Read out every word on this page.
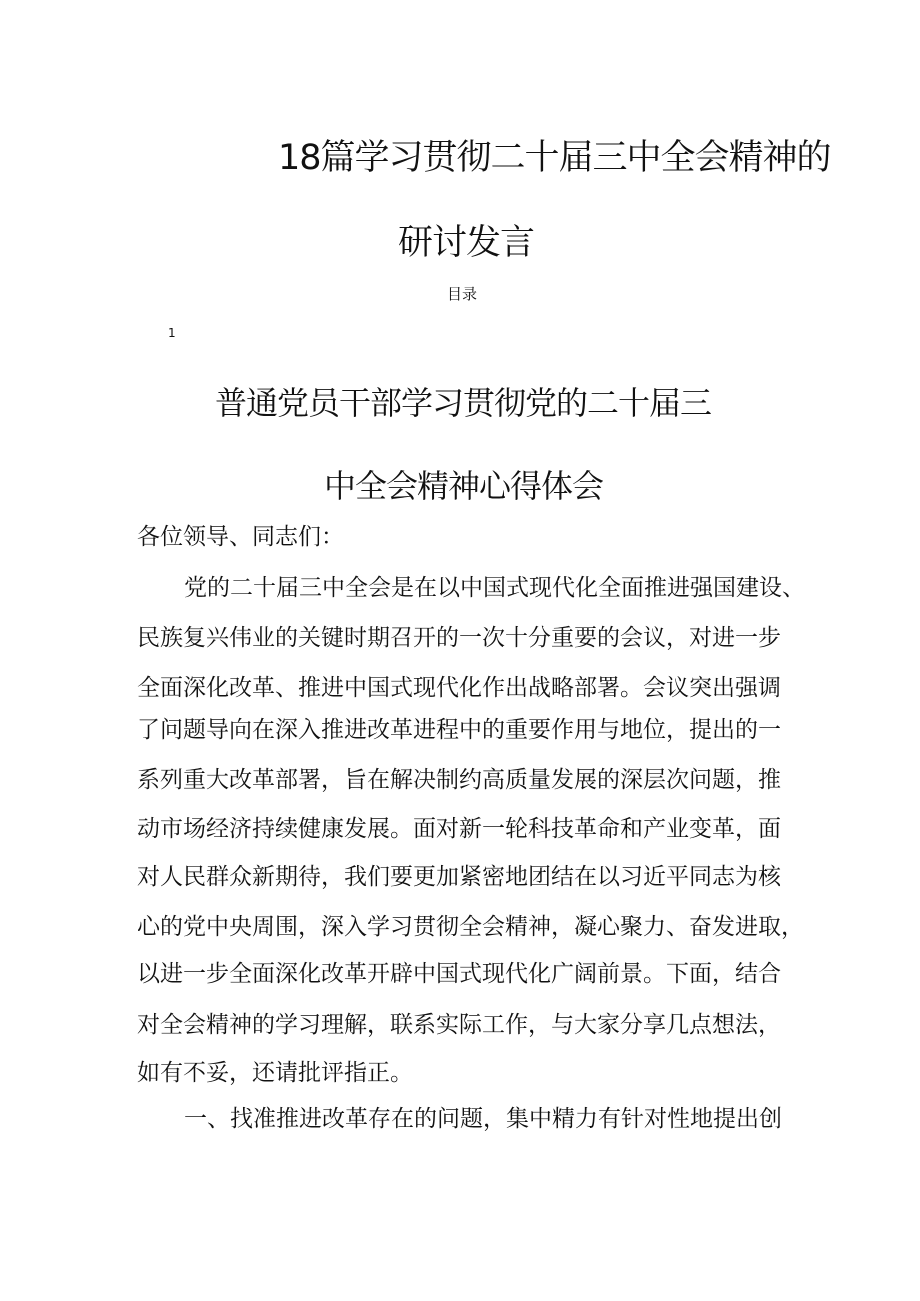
18篇学习贯彻二十届三中全会精神的
研讨发言
目录
1
普通党员干部学习贯彻党的二十届三
中全会精神心得体会
各位领导、同志们：
党的二十届三中全会是在以中国式现代化全面推进强国建设、
民族复兴伟业的关键时期召开的一次十分重要的会议，对进一步
全面深化改革、推进中国式现代化作出战略部署。会议突出强调
了问题导向在深入推进改革进程中的重要作用与地位，提出的一
系列重大改革部署，旨在解决制约高质量发展的深层次问题，推
动市场经济持续健康发展。面对新一轮科技革命和产业变革，面
对人民群众新期待，我们要更加紧密地团结在以习近平同志为核
心的党中央周围，深入学习贯彻全会精神，凝心聚力、奋发进取，
以进一步全面深化改革开辟中国式现代化广阔前景。下面，结合
对全会精神的学习理解，联系实际工作，与大家分享几点想法，
如有不妥，还请批评指正。
一、找准推进改革存在的问题，集中精力有针对性地提出创
